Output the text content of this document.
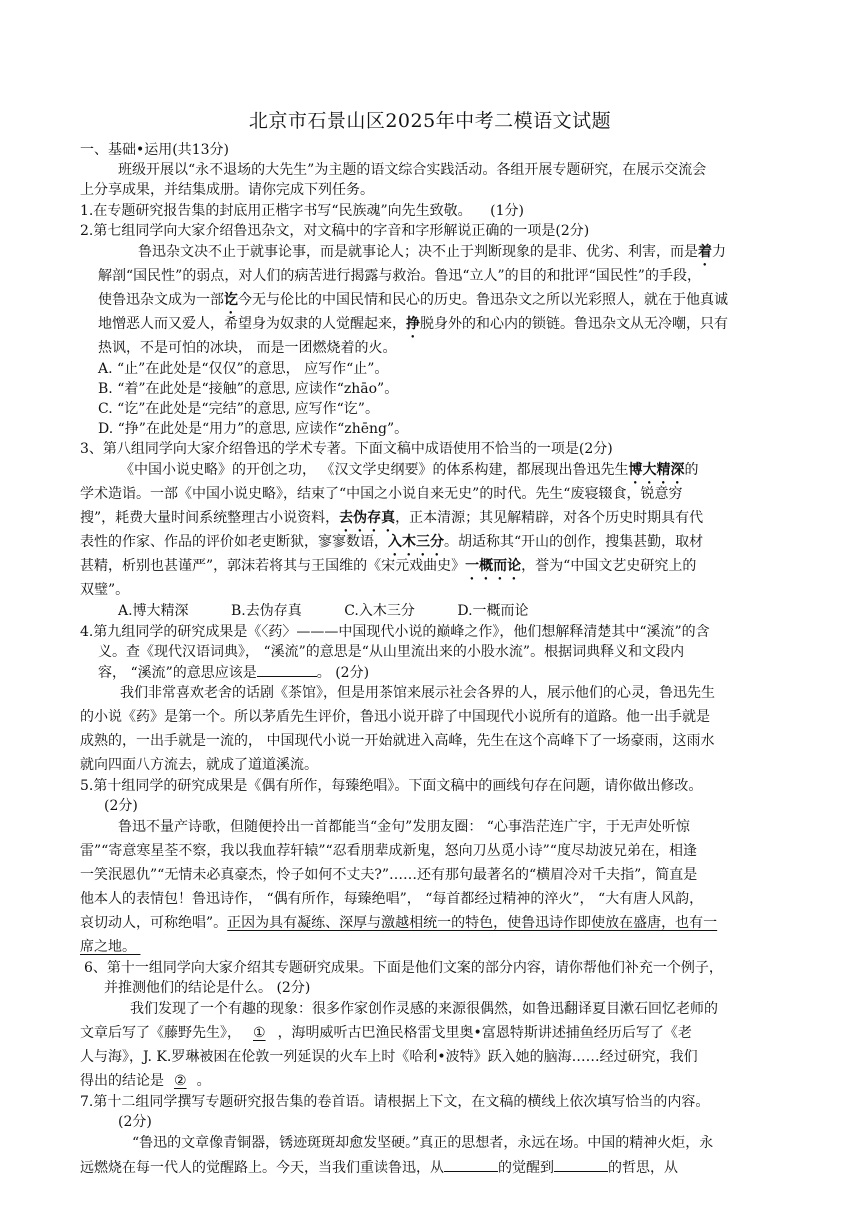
北京市石景山区2025年中考二模语文试题
一、基础•运用(共13分)
班级开展以“永不退场的大先生”为主题的语文综合实践活动。各组开展专题研究，在展示交流会
上分享成果，并结集成册。请你完成下列任务。
1.在专题研究报告集的封底用正楷字书写“民族魂”向先生致敬。 (1分)
2.第七组同学向大家介绍鲁迅杂文，对文稿中的字音和字形解说正确的一项是(2分)
鲁迅杂文决不止于就事论事，而是就事论人；决不止于判断现象的是非、优劣、利害，而是着力
解剖“国民性”的弱点，对人们的病苦进行揭露与救治。鲁迅“立人”的目的和批评“国民性”的手段，
使鲁迅杂文成为一部讫今无与伦比的中国民情和民心的历史。鲁迅杂文之所以光彩照人，就在于他真诚
地憎恶人而又爱人，希望身为奴隶的人觉醒起来，挣脱身外的和心内的锁链。鲁迅杂文从无冷嘲，只有
热讽，不是可怕的冰块， 而是一团燃烧着的火。
A. “止”在此处是“仅仅”的意思， 应写作“止”。
B. “着”在此处是“接触”的意思, 应读作“zhāo”。
C. “讫”在此处是“完结”的意思, 应写作“讫”。
D. “挣”在此处是“用力”的意思, 应读作“zhēng”。
3、第八组同学向大家介绍鲁迅的学术专著。下面文稿中成语使用不恰当的一项是(2分)
《中国小说史略》的开创之功， 《汉文学史纲要》的体系构建，都展现出鲁迅先生博大精深的
学术造诣。一部《中国小说史略》，结束了“中国之小说自来无史”的时代。先生“废寝辍食，锐意穷
搜”，耗费大量时间系统整理古小说资料，去伪存真，正本清源；其见解精辟，对各个历史时期具有代
表性的作家、作品的评价如老吏断狱，寥寥数语，入木三分。胡适称其“开山的创作，搜集甚勤，取材
甚精，析别也甚谨严”，郭沫若将其与王国维的《宋元戏曲史》一概而论，誉为“中国文艺史研究上的
双璧”。
A.博大精深	B.去伪存真	C.入木三分	D.一概而论
4.第九组同学的研究成果是《〈药〉———中国现代小说的巅峰之作》，他们想解释清楚其中“溪流”的含
义。查《现代汉语词典》， “溪流”的意思是“从山里流出来的小股水流”。根据词典释义和文段内
容， “溪流”的意思应该是	。 (2分)
我们非常喜欢老舍的话剧《茶馆》，但是用茶馆来展示社会各界的人，展示他们的心灵，鲁迅先生
的小说《药》是第一个。所以茅盾先生评价，鲁迅小说开辟了中国现代小说所有的道路。他一出手就是
成熟的，一出手就是一流的， 中国现代小说一开始就进入高峰，先生在这个高峰下了一场豪雨，这雨水
就向四面八方流去，就成了道道溪流。
5.第十组同学的研究成果是《偶有所作，每臻绝唱》。下面文稿中的画线句存在问题，请你做出修改。
(2分)
鲁迅不量产诗歌，但随便拎出一首都能当“金句”发朋友圈： “心事浩茫连广宇，于无声处听惊
雷”“寄意寒星荃不察，我以我血荐轩辕”“忍看朋辈成新鬼，怒向刀丛觅小诗”“度尽劫波兄弟在，相逢
一笑泯恩仇”“无情未必真豪杰，怜子如何不丈夫?”……还有那句最著名的“横眉冷对千夫指”，简直是
他本人的表情包！鲁迅诗作， “偶有所作，每臻绝唱”， “每首都经过精神的淬火”， “大有唐人风韵，
哀切动人，可称绝唱”。正因为具有凝练、深厚与激越相统一的特色，使鲁迅诗作即使放在盛唐，也有一
席之地。
6、第十一组同学向大家介绍其专题研究成果。下面是他们文案的部分内容，请你帮他们补充一个例子，
并推测他们的结论是什么。 (2分)
我们发现了一个有趣的现象：很多作家创作灵感的来源很偶然，如鲁迅翻译夏目漱石回忆老师的
文章后写了《藤野先生》， ① ，海明威听古巴渔民格雷戈里奥•富恩特斯讲述捕鱼经历后写了《老
人与海》，J. K.罗琳被困在伦敦一列延误的火车上时《哈利•波特》跃入她的脑海……经过研究，我们
得出的结论是 ② 。
7.第十二组同学撰写专题研究报告集的卷首语。请根据上下文，在文稿的横线上依次填写恰当的内容。
(2分)
“鲁迅的文章像青铜器，锈迹斑斑却愈发坚硬。”真正的思想者，永远在场。中国的精神火炬，永
远燃烧在每一代人的觉醒路上。今天，当我们重读鲁迅，从	的觉醒到	的哲思，从
